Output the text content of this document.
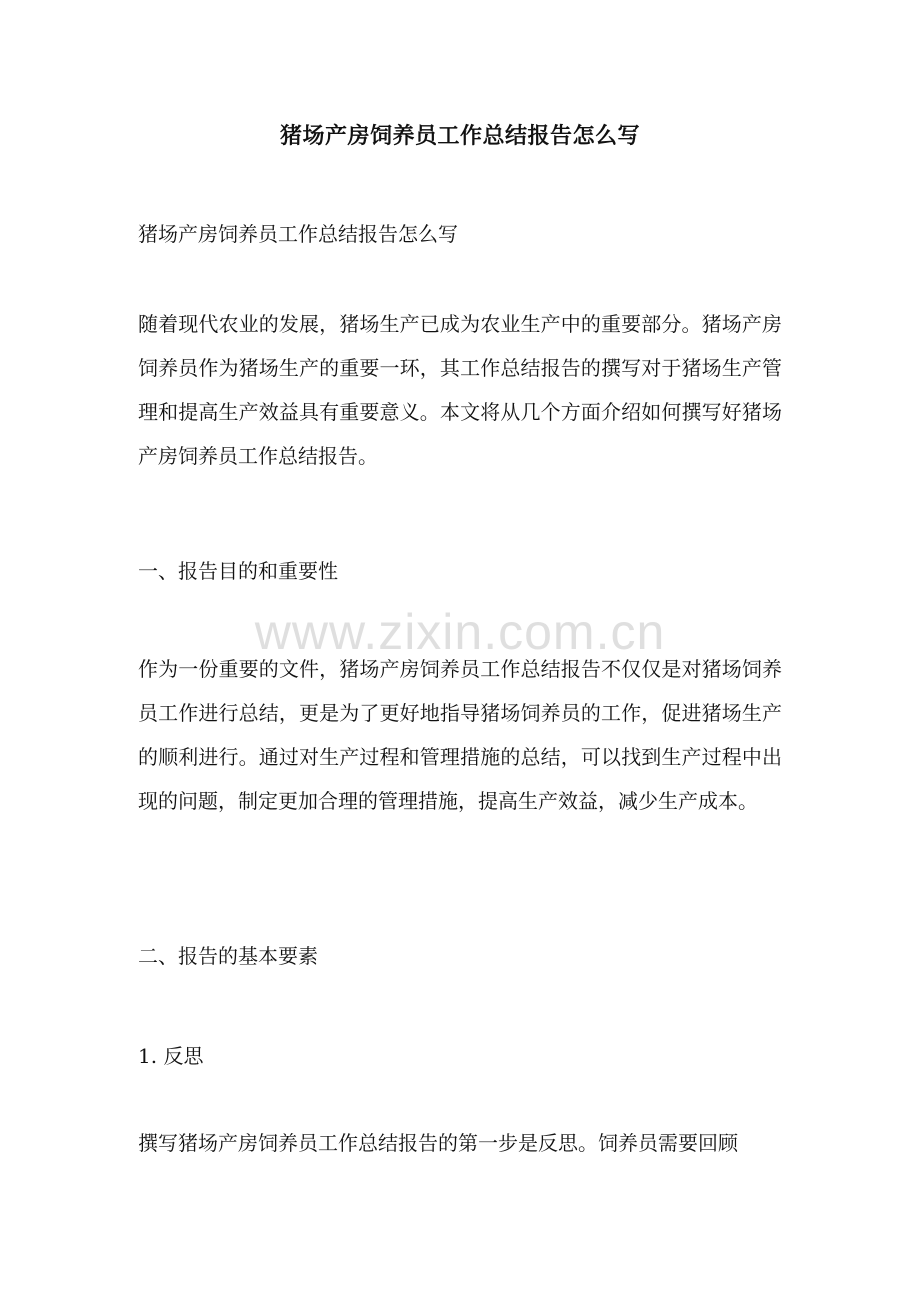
猪场产房饲养员工作总结报告怎么写
猪场产房饲养员工作总结报告怎么写
随着现代农业的发展，猪场生产已成为农业生产中的重要部分。猪场产房饲养员作为猪场生产的重要一环，其工作总结报告的撰写对于猪场生产管理和提高生产效益具有重要意义。本文将从几个方面介绍如何撰写好猪场产房饲养员工作总结报告。
一、报告目的和重要性
www.zixin.com.cn
作为一份重要的文件，猪场产房饲养员工作总结报告不仅仅是对猪场饲养员工作进行总结，更是为了更好地指导猪场饲养员的工作，促进猪场生产的顺利进行。通过对生产过程和管理措施的总结，可以找到生产过程中出现的问题，制定更加合理的管理措施，提高生产效益，减少生产成本。
二、报告的基本要素
1. 反思
撰写猪场产房饲养员工作总结报告的第一步是反思。饲养员需要回顾
